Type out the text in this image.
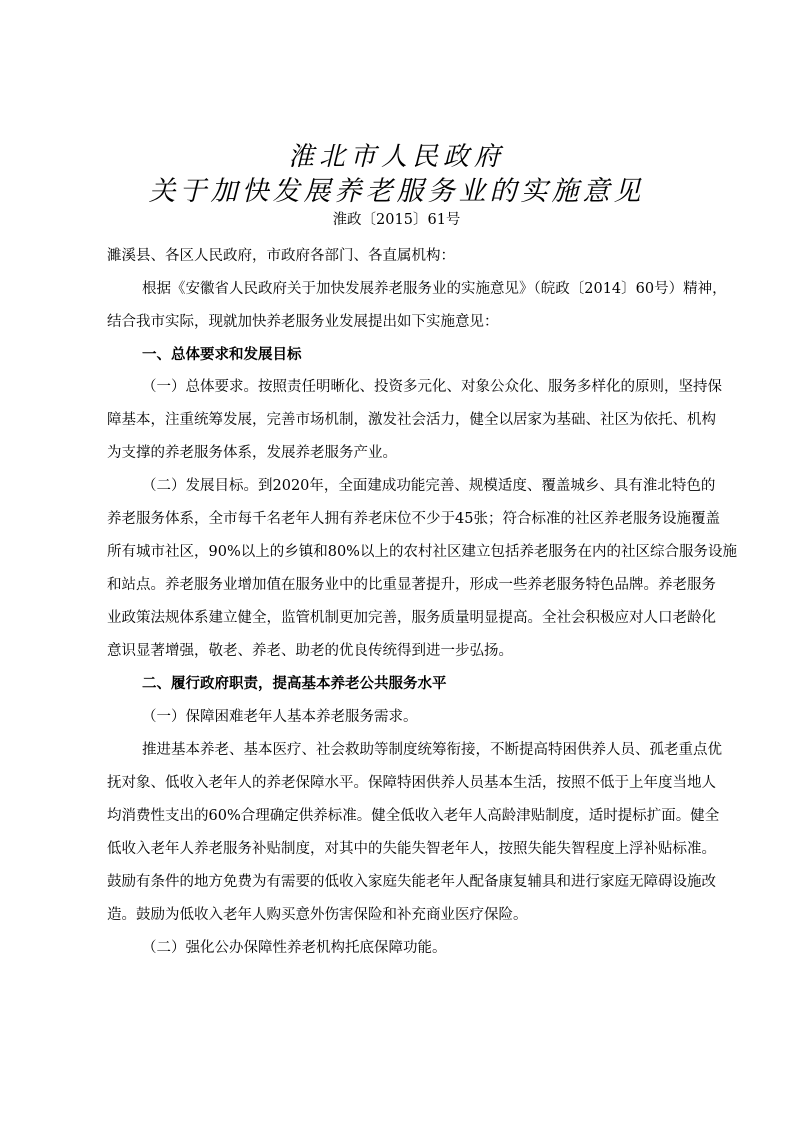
淮北市人民政府
关于加快发展养老服务业的实施意见
淮政〔2015〕61号
濉溪县、各区人民政府，市政府各部门、各直属机构：
根据《安徽省人民政府关于加快发展养老服务业的实施意见》（皖政〔2014〕60号）精神，
结合我市实际，现就加快养老服务业发展提出如下实施意见：
一、总体要求和发展目标
（一）总体要求。按照责任明晰化、投资多元化、对象公众化、服务多样化的原则，坚持保
障基本，注重统筹发展，完善市场机制，激发社会活力，健全以居家为基础、社区为依托、机构
为支撑的养老服务体系，发展养老服务产业。
（二）发展目标。到2020年，全面建成功能完善、规模适度、覆盖城乡、具有淮北特色的
养老服务体系，全市每千名老年人拥有养老床位不少于45张；符合标准的社区养老服务设施覆盖
所有城市社区，90%以上的乡镇和80%以上的农村社区建立包括养老服务在内的社区综合服务设施
和站点。养老服务业增加值在服务业中的比重显著提升，形成一些养老服务特色品牌。养老服务
业政策法规体系建立健全，监管机制更加完善，服务质量明显提高。全社会积极应对人口老龄化
意识显著增强，敬老、养老、助老的优良传统得到进一步弘扬。
二、履行政府职责，提高基本养老公共服务水平
（一）保障困难老年人基本养老服务需求。
推进基本养老、基本医疗、社会救助等制度统筹衔接，不断提高特困供养人员、孤老重点优
抚对象、低收入老年人的养老保障水平。保障特困供养人员基本生活，按照不低于上年度当地人
均消费性支出的60%合理确定供养标准。健全低收入老年人高龄津贴制度，适时提标扩面。健全
低收入老年人养老服务补贴制度，对其中的失能失智老年人，按照失能失智程度上浮补贴标准。
鼓励有条件的地方免费为有需要的低收入家庭失能老年人配备康复辅具和进行家庭无障碍设施改
造。鼓励为低收入老年人购买意外伤害保险和补充商业医疗保险。
（二）强化公办保障性养老机构托底保障功能。
